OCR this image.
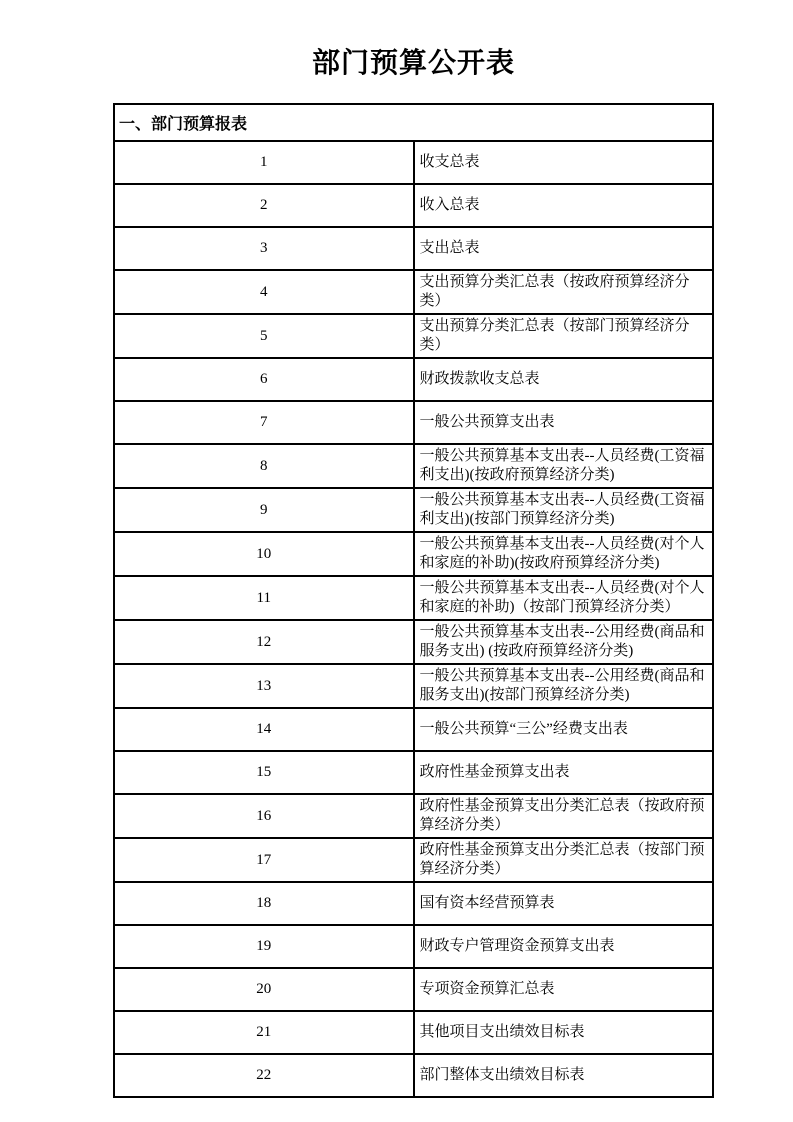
部门预算公开表
一、部门预算报表	
1	收支总表
2	收入总表
3	支出总表
4	支出预算分类汇总表（按政府预算经济分类）
5	支出预算分类汇总表（按部门预算经济分类）
6	财政拨款收支总表
7	一般公共预算支出表
8	一般公共预算基本支出表--人员经费(工资福利支出)(按政府预算经济分类)
9	一般公共预算基本支出表--人员经费(工资福利支出)(按部门预算经济分类)
10	一般公共预算基本支出表--人员经费(对个人和家庭的补助)(按政府预算经济分类)
11	一般公共预算基本支出表--人员经费(对个人和家庭的补助)（按部门预算经济分类）
12	一般公共预算基本支出表--公用经费(商品和服务支出) (按政府预算经济分类)
13	一般公共预算基本支出表--公用经费(商品和服务支出)(按部门预算经济分类)
14	一般公共预算“三公”经费支出表
15	政府性基金预算支出表
16	政府性基金预算支出分类汇总表（按政府预算经济分类）
17	政府性基金预算支出分类汇总表（按部门预算经济分类）
18	国有资本经营预算表
19	财政专户管理资金预算支出表
20	专项资金预算汇总表
21	其他项目支出绩效目标表
22	部门整体支出绩效目标表
